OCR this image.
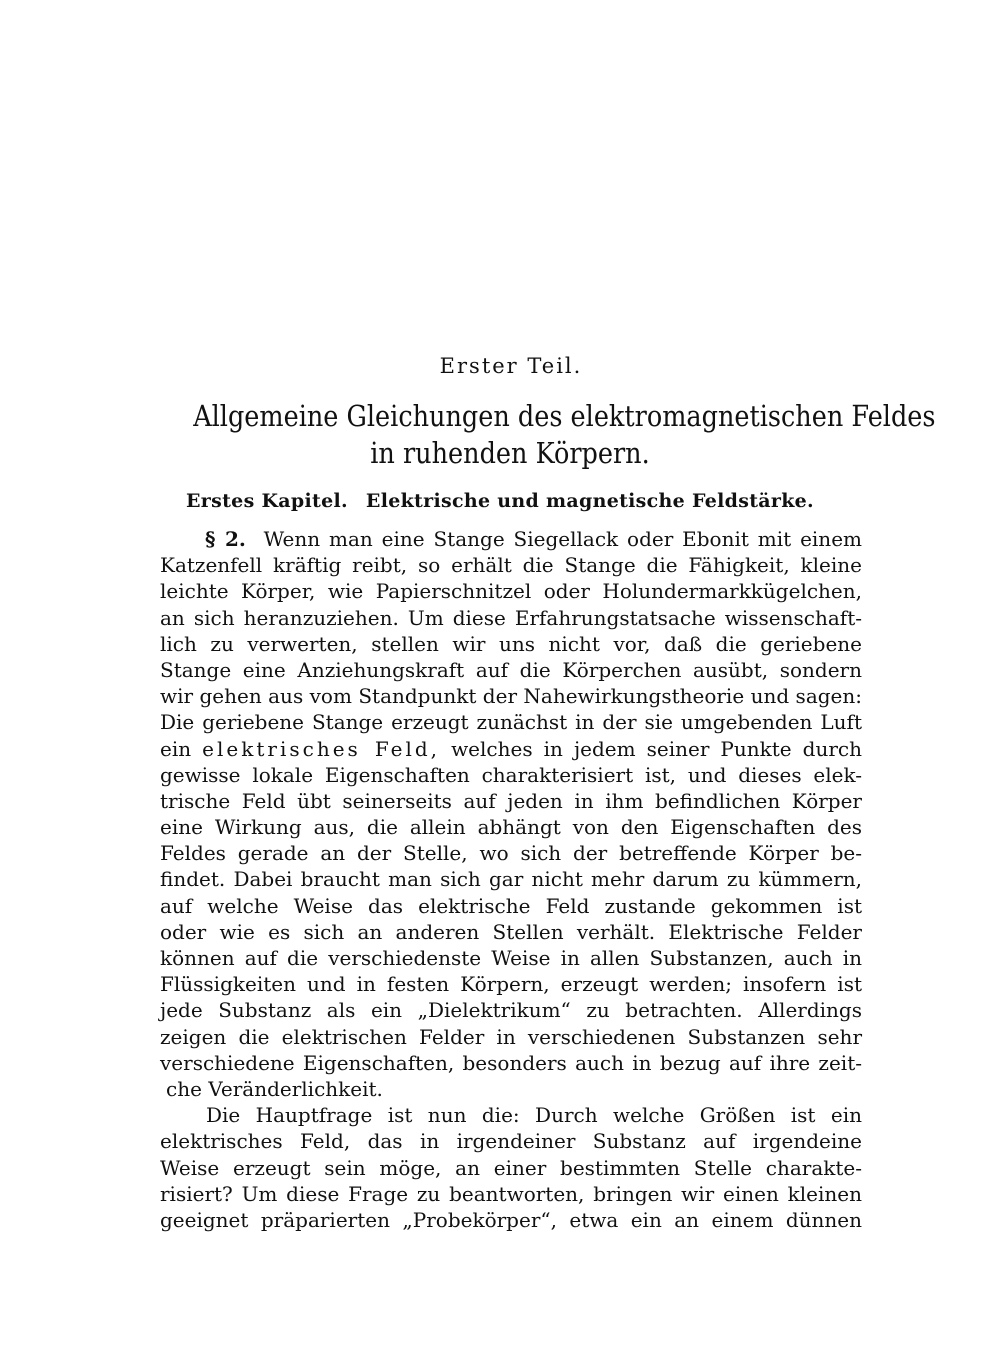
Erster Teil.
Allgemeine Gleichungen des elektromagnetischen Feldes
in ruhenden Körpern.
Erstes Kapitel. Elektrische und magnetische Feldstärke.
§ 2. Wenn man eine Stange Siegellack oder Ebonit mit einem
Katzenfell kräftig reibt, so erhält die Stange die Fähigkeit, kleine
leichte Körper, wie Papierschnitzel oder Holundermarkkügelchen,
an sich heranzuziehen. Um diese Erfahrungstatsache wissenschaft-
lich zu verwerten, stellen wir uns nicht vor, daß die geriebene
Stange eine Anziehungskraft auf die Körperchen ausübt, sondern
wir gehen aus vom Standpunkt der Nahewirkungstheorie und sagen:
Die geriebene Stange erzeugt zunächst in der sie umgebenden Luft
ein elektrisches Feld, welches in jedem seiner Punkte durch
gewisse lokale Eigenschaften charakterisiert ist, und dieses elek-
trische Feld übt seinerseits auf jeden in ihm befindlichen Körper
eine Wirkung aus, die allein abhängt von den Eigenschaften des
Feldes gerade an der Stelle, wo sich der betreffende Körper be-
findet. Dabei braucht man sich gar nicht mehr darum zu kümmern,
auf welche Weise das elektrische Feld zustande gekommen ist
oder wie es sich an anderen Stellen verhält. Elektrische Felder
können auf die verschiedenste Weise in allen Substanzen, auch in
Flüssigkeiten und in festen Körpern, erzeugt werden; insofern ist
jede Substanz als ein „Dielektrikum“ zu betrachten. Allerdings
zeigen die elektrischen Felder in verschiedenen Substanzen sehr
verschiedene Eigenschaften, besonders auch in bezug auf ihre zeit-
che Veränderlichkeit.
Die Hauptfrage ist nun die: Durch welche Größen ist ein
elektrisches Feld, das in irgendeiner Substanz auf irgendeine
Weise erzeugt sein möge, an einer bestimmten Stelle charakte-
risiert? Um diese Frage zu beantworten, bringen wir einen kleinen
geeignet präparierten „Probekörper“, etwa ein an einem dünnen
